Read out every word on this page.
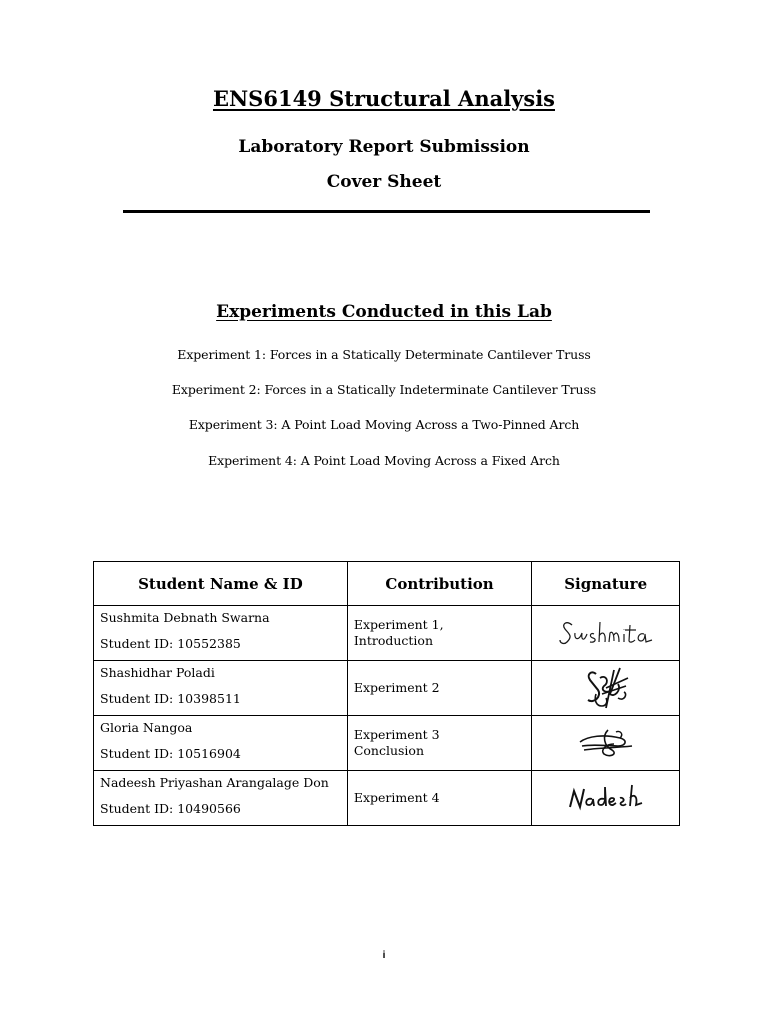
ENS6149 Structural Analysis
Laboratory Report Submission
Cover Sheet
Experiments Conducted in this Lab
Experiment 1: Forces in a Statically Determinate Cantilever Truss
Experiment 2: Forces in a Statically Indeterminate Cantilever Truss
Experiment 3: A Point Load Moving Across a Two-Pinned Arch
Experiment 4: A Point Load Moving Across a Fixed Arch
Student Name & ID	Contribution	Signature

Sushmita Debnath Swarna
Student ID: 10552385	Experiment 1,
Introduction

Shashidhar Poladi
Student ID: 10398511	Experiment 2

Gloria Nangoa
Student ID: 10516904	Experiment 3
Conclusion

Nadeesh Priyashan Arangalage Don
Student ID: 10490566	Experiment 4

i
